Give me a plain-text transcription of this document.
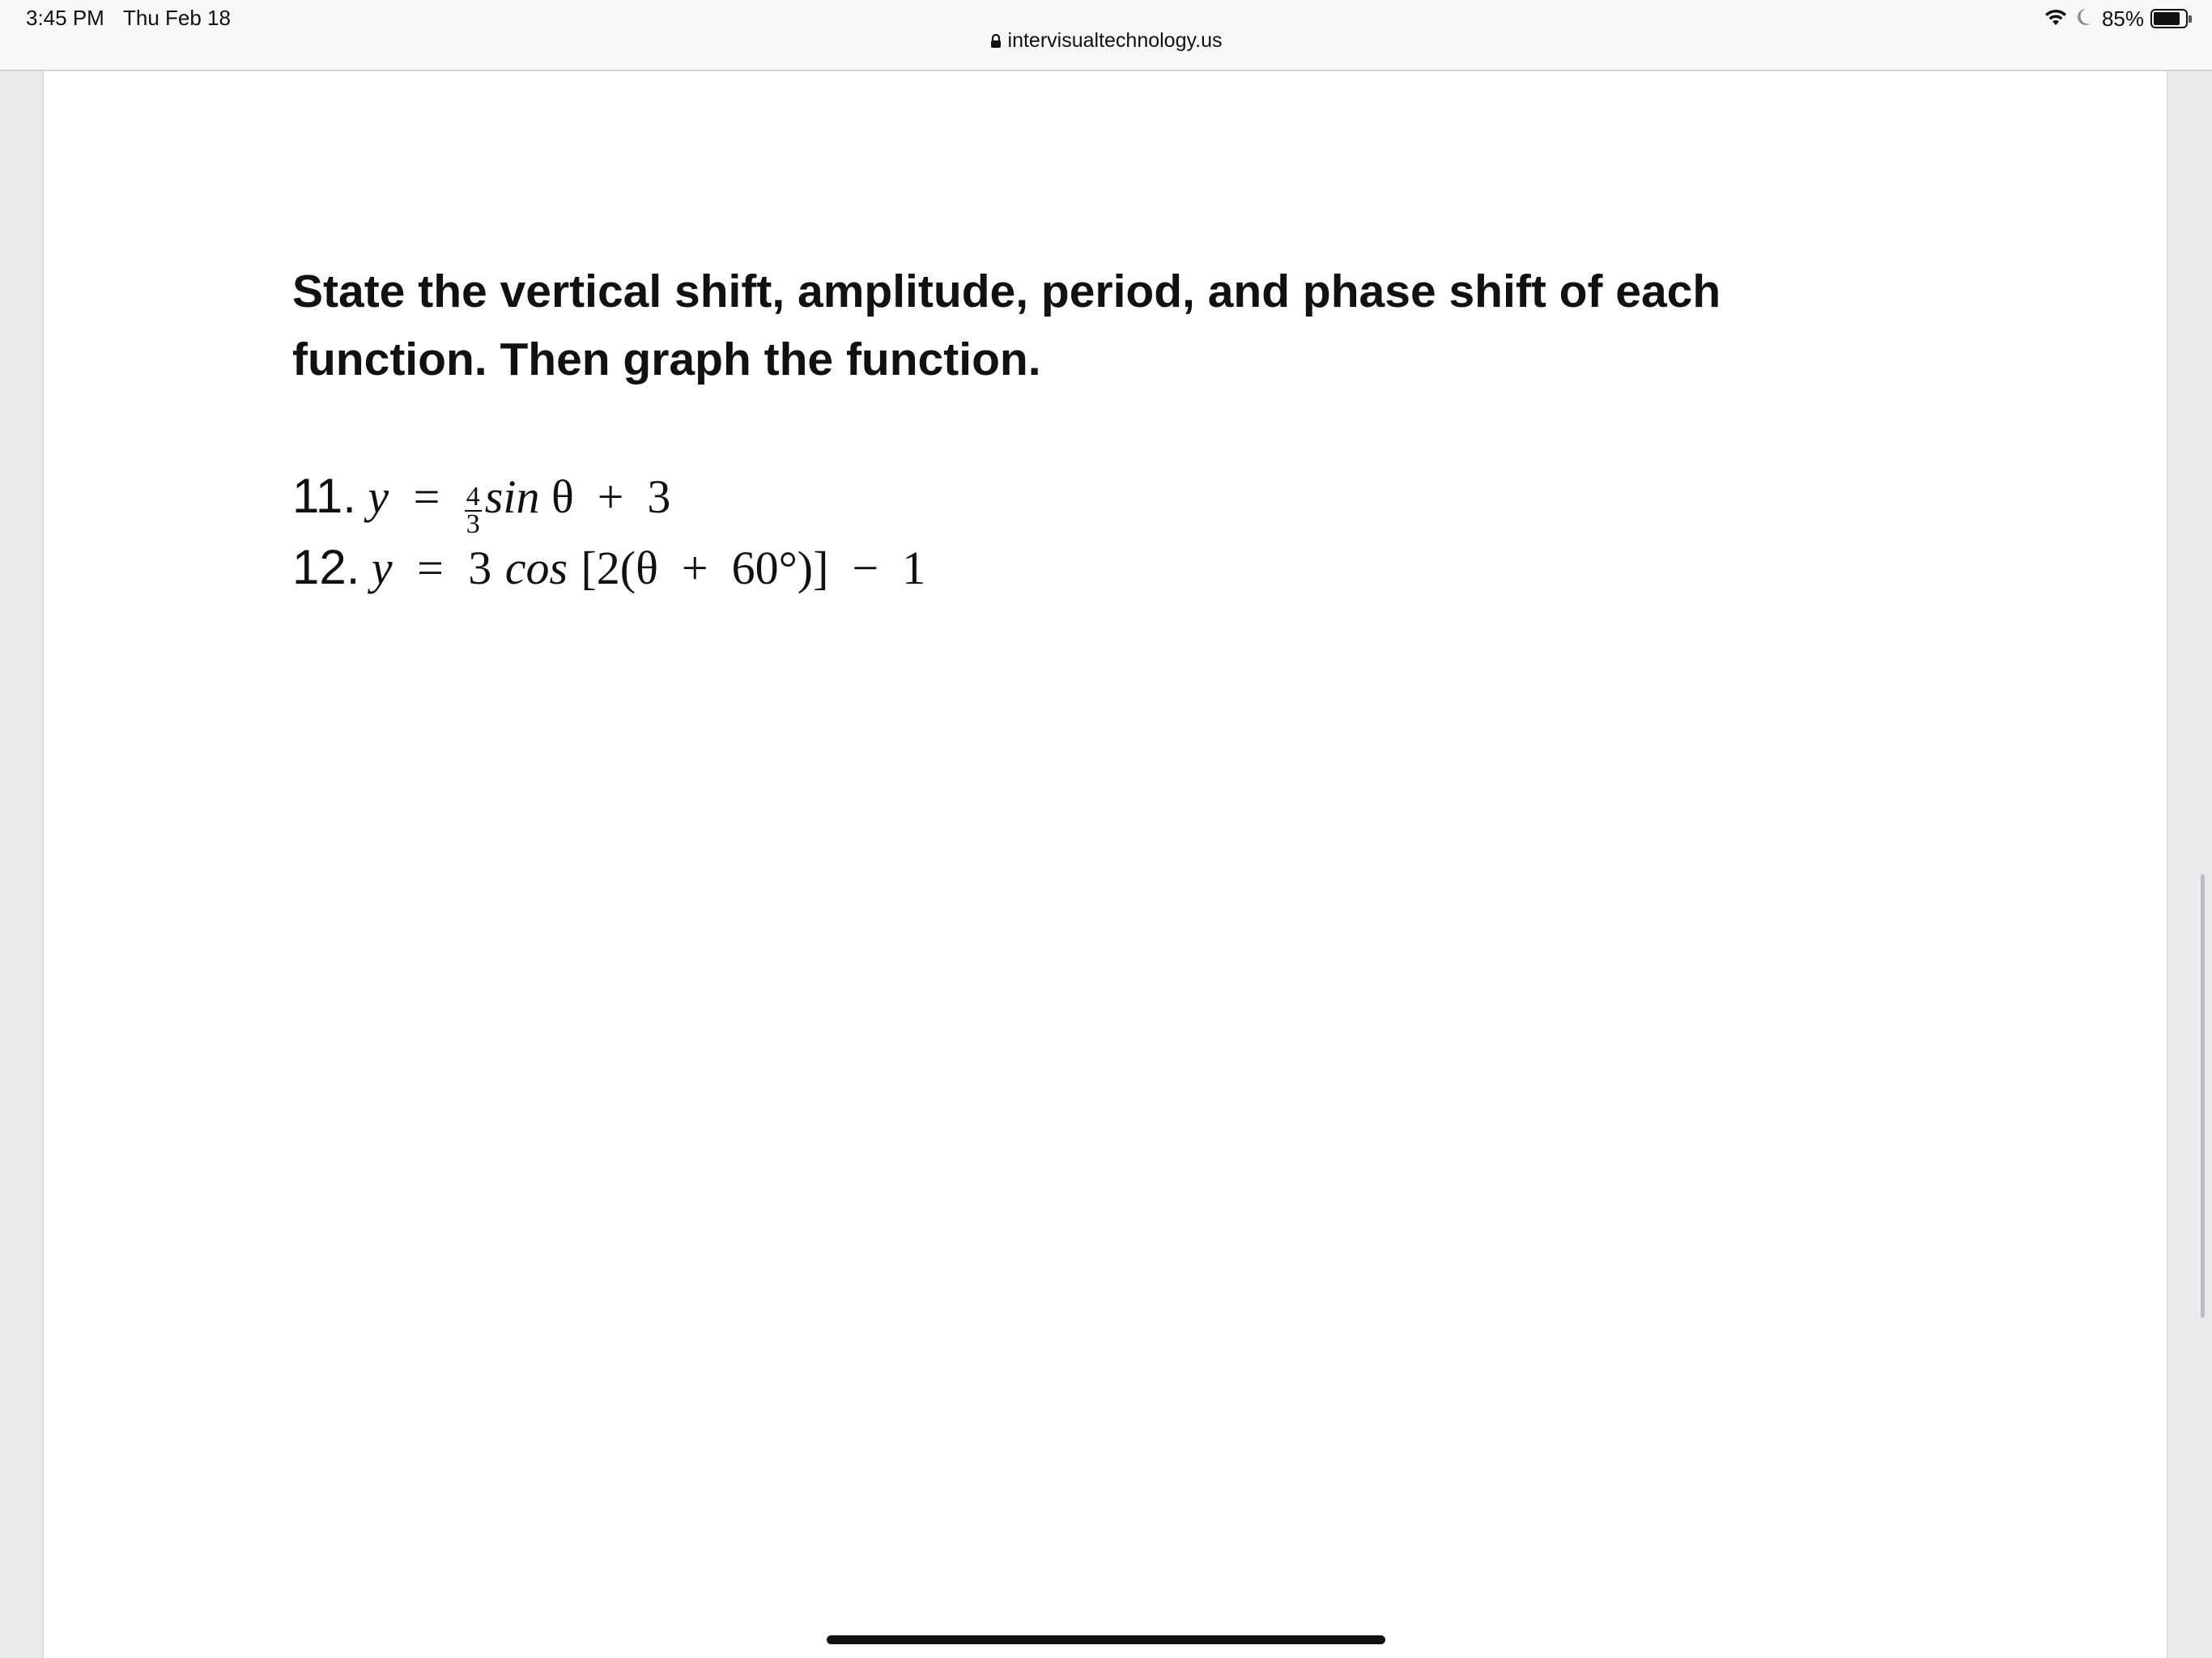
3:45 PM Thu Feb 18	85%
intervisualtechnology.us
State the vertical shift, amplitude, period, and phase shift of each function. Then graph the function.
11. $y = \frac{4}{3}$ sin θ  +  3
12. y = 3 cos [2(θ  +  60°)]  −  1
